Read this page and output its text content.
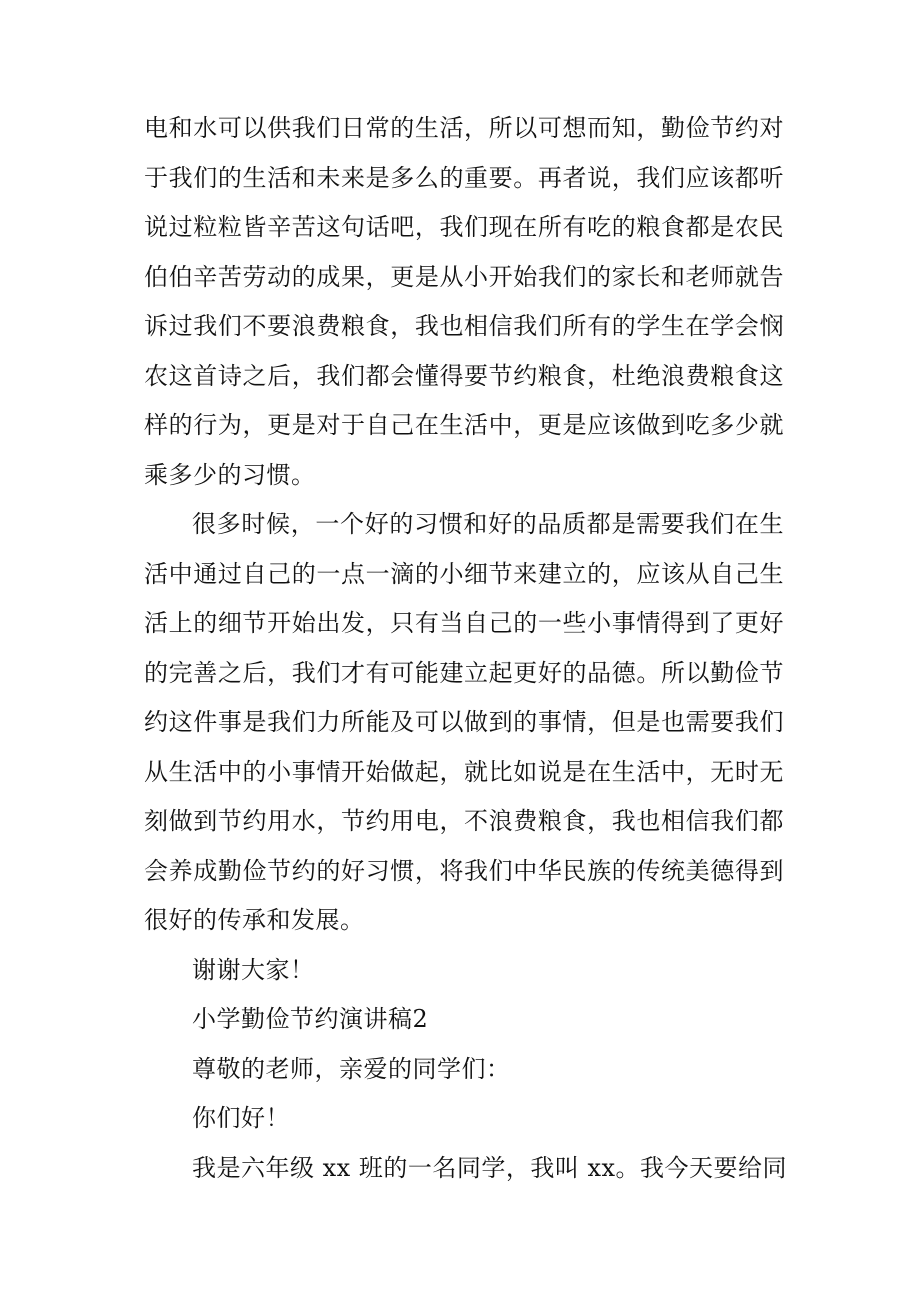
电和水可以供我们日常的生活，所以可想而知，勤俭节约对
于我们的生活和未来是多么的重要。再者说，我们应该都听
说过粒粒皆辛苦这句话吧，我们现在所有吃的粮食都是农民
伯伯辛苦劳动的成果，更是从小开始我们的家长和老师就告
诉过我们不要浪费粮食，我也相信我们所有的学生在学会悯
农这首诗之后，我们都会懂得要节约粮食，杜绝浪费粮食这
样的行为，更是对于自己在生活中，更是应该做到吃多少就
乘多少的习惯。
很多时候，一个好的习惯和好的品质都是需要我们在生
活中通过自己的一点一滴的小细节来建立的，应该从自己生
活上的细节开始出发，只有当自己的一些小事情得到了更好
的完善之后，我们才有可能建立起更好的品德。所以勤俭节
约这件事是我们力所能及可以做到的事情，但是也需要我们
从生活中的小事情开始做起，就比如说是在生活中，无时无
刻做到节约用水，节约用电，不浪费粮食，我也相信我们都
会养成勤俭节约的好习惯，将我们中华民族的传统美德得到
很好的传承和发展。
谢谢大家！
小学勤俭节约演讲稿2
尊敬的老师，亲爱的同学们：
你们好！
我是六年级 xx 班的一名同学，我叫 xx。我今天要给同
